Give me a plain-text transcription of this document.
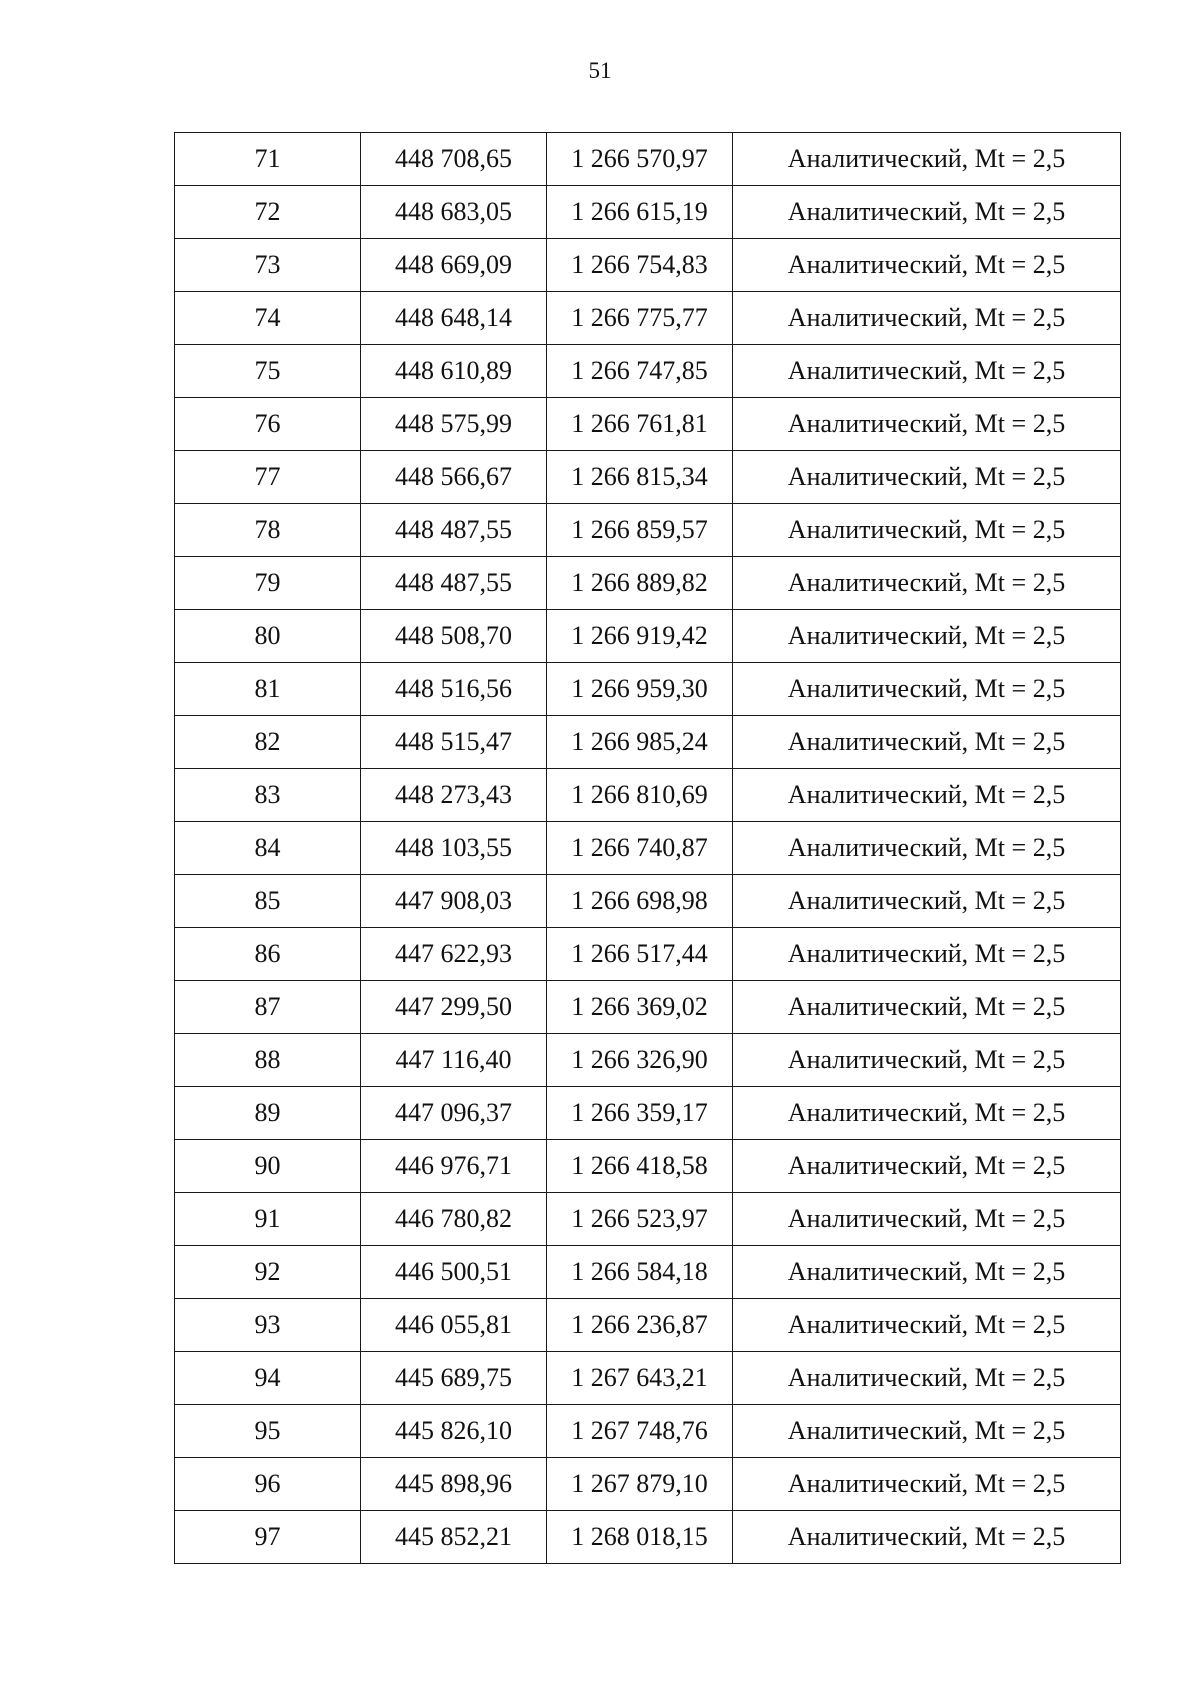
51
71	448 708,65	1 266 570,97	Аналитический, Mt = 2,5
72	448 683,05	1 266 615,19	Аналитический, Mt = 2,5
73	448 669,09	1 266 754,83	Аналитический, Mt = 2,5
74	448 648,14	1 266 775,77	Аналитический, Mt = 2,5
75	448 610,89	1 266 747,85	Аналитический, Mt = 2,5
76	448 575,99	1 266 761,81	Аналитический, Mt = 2,5
77	448 566,67	1 266 815,34	Аналитический, Mt = 2,5
78	448 487,55	1 266 859,57	Аналитический, Mt = 2,5
79	448 487,55	1 266 889,82	Аналитический, Mt = 2,5
80	448 508,70	1 266 919,42	Аналитический, Mt = 2,5
81	448 516,56	1 266 959,30	Аналитический, Mt = 2,5
82	448 515,47	1 266 985,24	Аналитический, Mt = 2,5
83	448 273,43	1 266 810,69	Аналитический, Mt = 2,5
84	448 103,55	1 266 740,87	Аналитический, Mt = 2,5
85	447 908,03	1 266 698,98	Аналитический, Mt = 2,5
86	447 622,93	1 266 517,44	Аналитический, Mt = 2,5
87	447 299,50	1 266 369,02	Аналитический, Mt = 2,5
88	447 116,40	1 266 326,90	Аналитический, Mt = 2,5
89	447 096,37	1 266 359,17	Аналитический, Mt = 2,5
90	446 976,71	1 266 418,58	Аналитический, Mt = 2,5
91	446 780,82	1 266 523,97	Аналитический, Mt = 2,5
92	446 500,51	1 266 584,18	Аналитический, Mt = 2,5
93	446 055,81	1 266 236,87	Аналитический, Mt = 2,5
94	445 689,75	1 267 643,21	Аналитический, Mt = 2,5
95	445 826,10	1 267 748,76	Аналитический, Mt = 2,5
96	445 898,96	1 267 879,10	Аналитический, Mt = 2,5
97	445 852,21	1 268 018,15	Аналитический, Mt = 2,5
